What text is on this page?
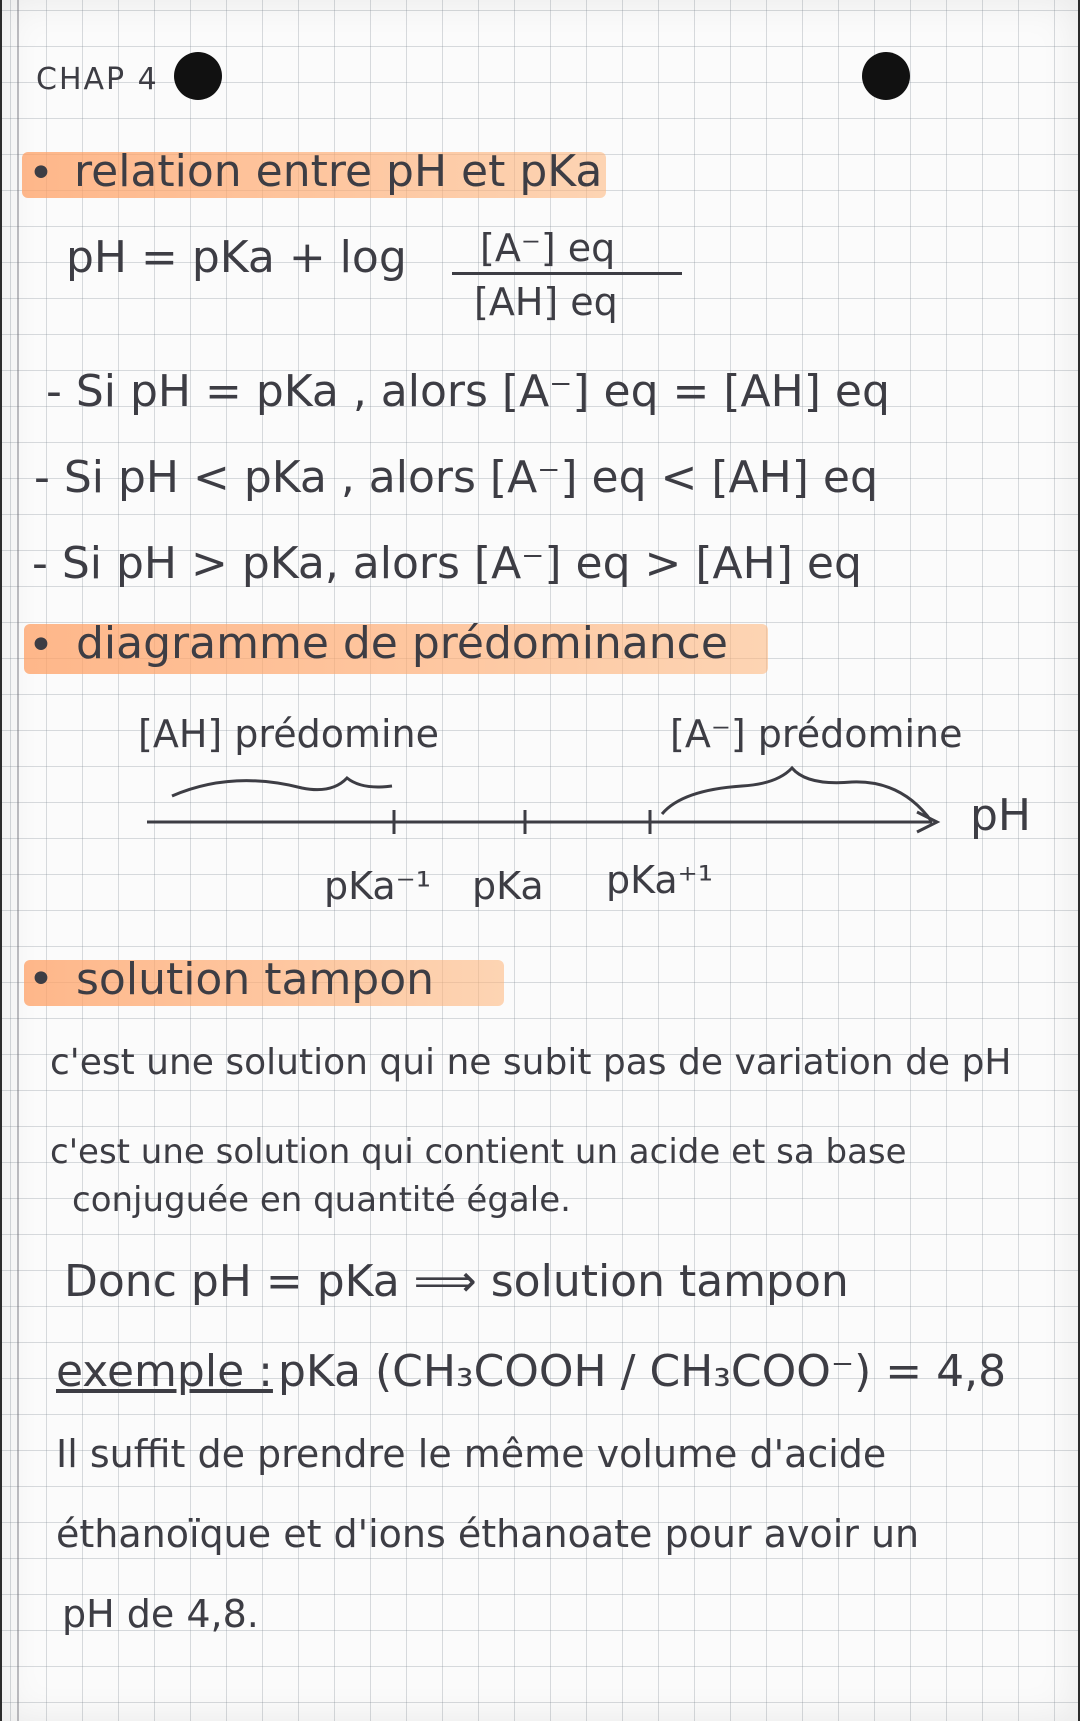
CHAP 4
• relation entre pH et pKa
pH = pKa + log [A⁻] eq
[AH] eq
- Si pH = pKa , alors [A⁻] eq = [AH] eq
- Si pH < pKa , alors [A⁻] eq < [AH] eq
- Si pH > pKa, alors [A⁻] eq > [AH] eq
• diagramme de prédominance
[AH] prédomine	[A⁻] prédomine
pH
pKa⁻¹ pKa pKa⁺¹
• solution tampon
c'est une solution qui ne subit pas de variation de pH
c'est une solution qui contient un acide et sa base
conjuguée en quantité égale.
Donc pH = pKa ⟹ solution tampon
exemple : pKa (CH₃COOH / CH₃COO⁻) = 4,8
Il suffit de prendre le même volume d'acide
éthanoïque et d'ions éthanoate pour avoir un
pH de 4,8.
